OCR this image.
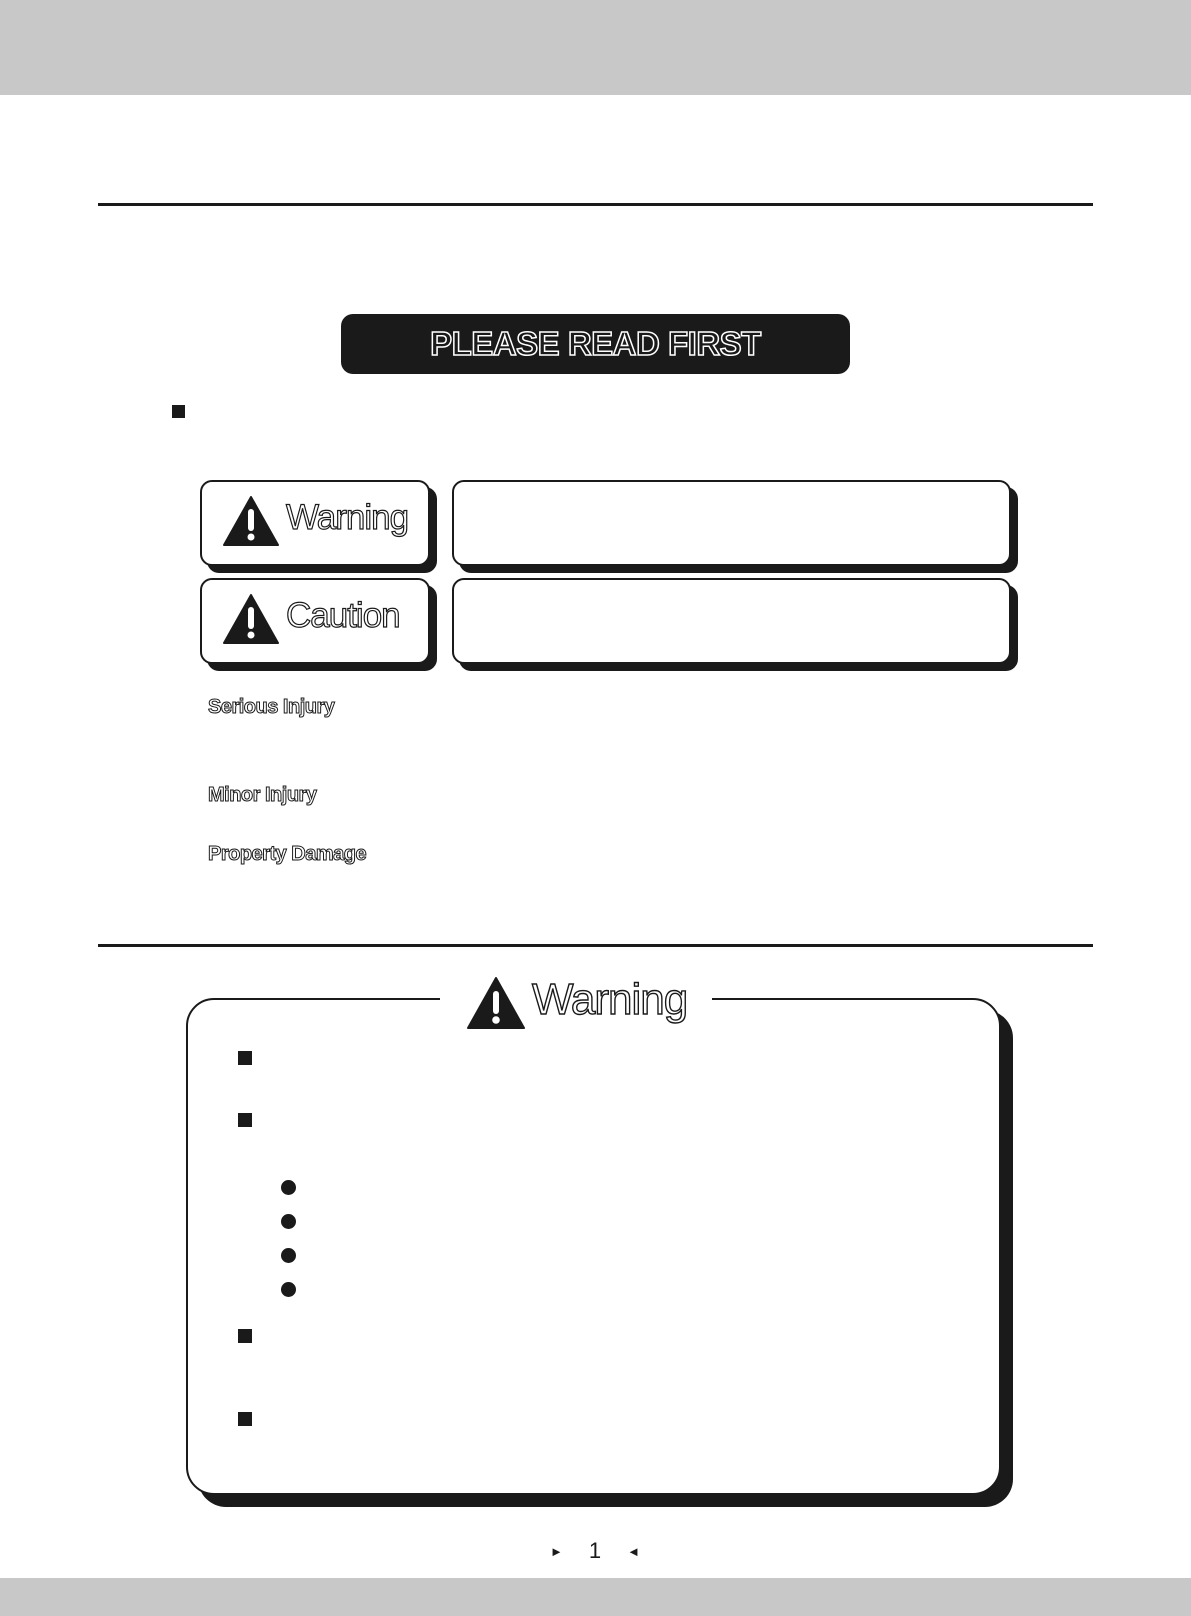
PLEASE READ FIRST
Warning
Caution
Serious Injury
Minor Injury
Property Damage
Warning
► 1 ◄
